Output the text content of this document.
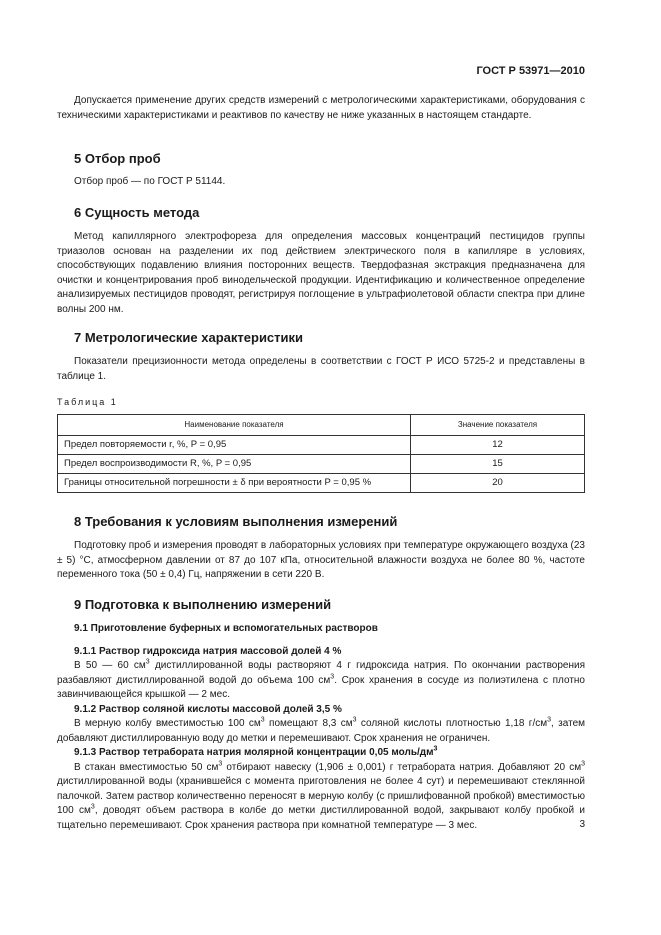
ГОСТ Р 53971—2010

Допускается применение других средств измерений с метрологическими характеристиками, оборудования с техническими характеристиками и реактивов по качеству не ниже указанных в настоящем стандарте.

5 Отбор проб

Отбор проб — по ГОСТ Р 51144.

6 Сущность метода

Метод капиллярного электрофореза для определения массовых концентраций пестицидов группы триазолов основан на разделении их под действием электрического поля в капилляре в условиях, способствующих подавлению влияния посторонних веществ. Твердофазная экстракция предназначена для очистки и концентрирования проб винодельческой продукции. Идентификацию и количественное определение анализируемых пестицидов проводят, регистрируя поглощение в ультрафиолетовой области спектра при длине волны 200 нм.

7 Метрологические характеристики

Показатели прецизионности метода определены в соответствии с ГОСТ Р ИСО 5725-2 и представлены в таблице 1.

Таблица 1
Наименование показателя	Значение показателя
Предел повторяемости r, %, P = 0,95	12
Предел воспроизводимости R, %, P = 0,95	15
Границы относительной погрешности ± δ при вероятности P = 0,95 %	20

8 Требования к условиям выполнения измерений

Подготовку проб и измерения проводят в лабораторных условиях при температуре окружающего воздуха (23 ± 5) °С, атмосферном давлении от 87 до 107 кПа, относительной влажности воздуха не более 80 %, частоте переменного тока (50 ± 0,4) Гц, напряжении в сети 220 В.

9 Подготовка к выполнению измерений

9.1 Приготовление буферных и вспомогательных растворов

9.1.1 Раствор гидроксида натрия массовой долей 4 %

В 50 — 60 $см^3$ дистиллированной воды растворяют 4 г гидроксида натрия. По окончании растворения разбавляют дистиллированной водой до объема 100 $см^3$. Срок хранения в сосуде из полиэтилена с плотно завинчивающейся крышкой — 2 мес.

9.1.2 Раствор соляной кислоты массовой долей 3,5 %

В мерную колбу вместимостью 100 $см^3$ помещают 8,3 $см^3$ соляной кислоты плотностью 1,18 $г/см^3$, затем добавляют дистиллированную воду до метки и перемешивают. Срок хранения не ограничен.

9.1.3 Раствор тетрабората натрия молярной концентрации 0,05 моль/$дм^3$

В стакан вместимостью 50 $см^3$ отбирают навеску (1,906 ± 0,001) г тетрабората натрия. Добавляют 20 $см^3$ дистиллированной воды (хранившейся с момента приготовления не более 4 сут) и перемешивают стеклянной палочкой. Затем раствор количественно переносят в мерную колбу (с пришлифованной пробкой) вместимостью 100 $см^3$, доводят объем раствора в колбе до метки дистиллированной водой, закрывают колбу пробкой и тщательно перемешивают. Срок хранения раствора при комнатной температуре — 3 мес.	3
